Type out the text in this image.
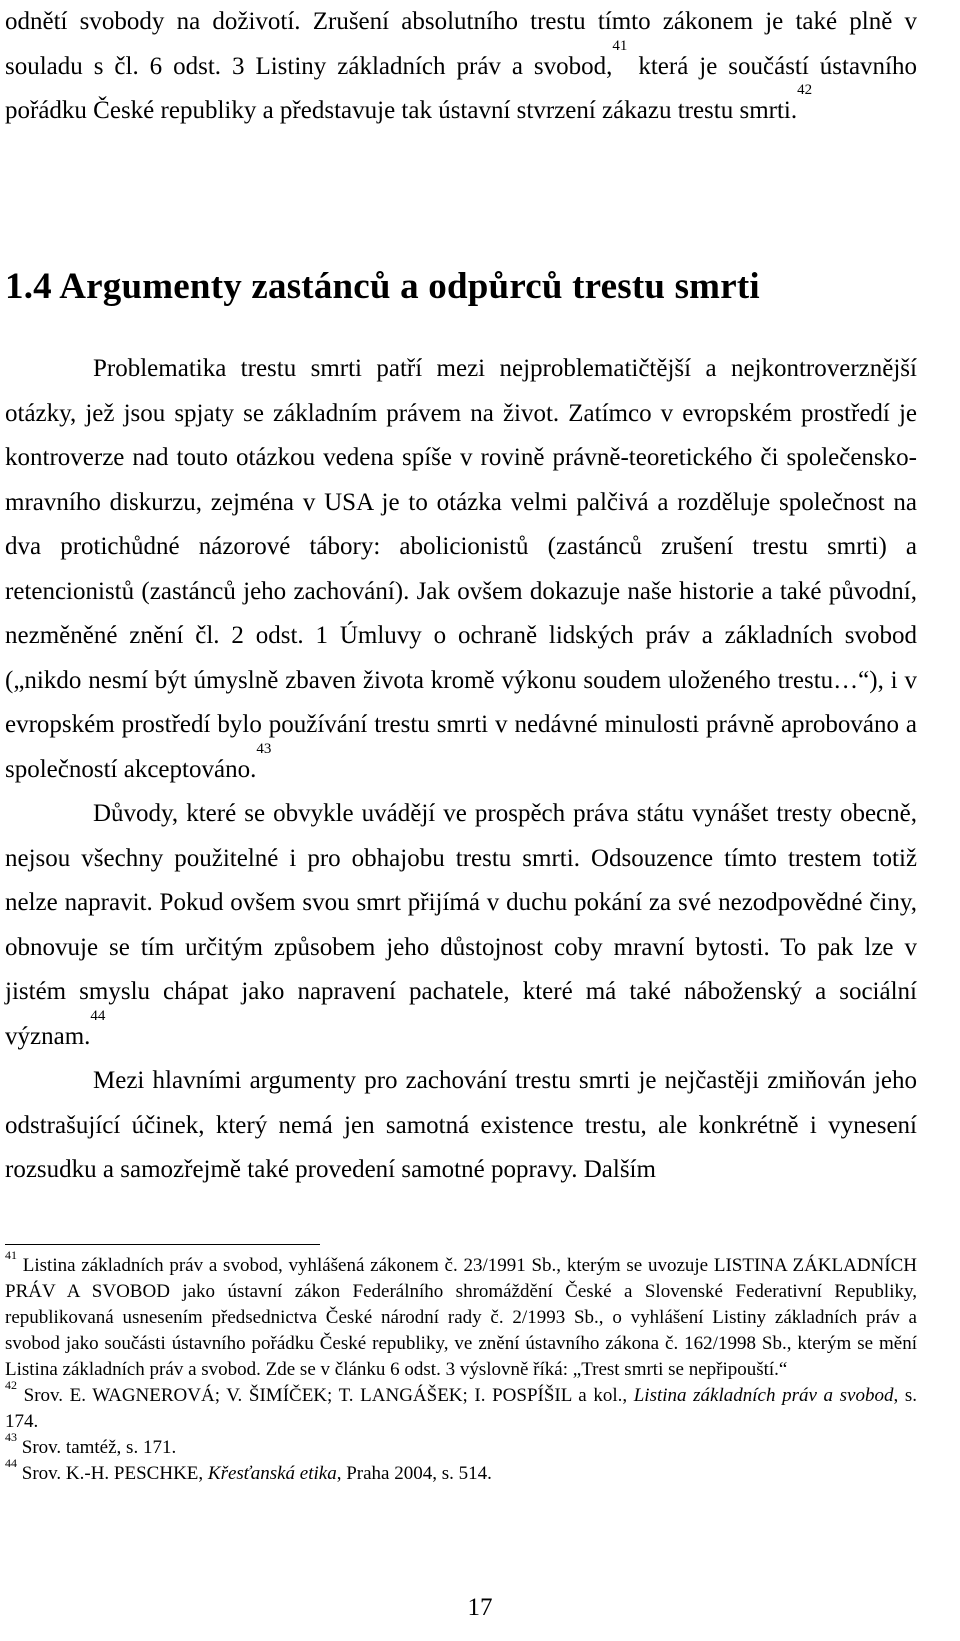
odnětí svobody na doživotí. Zrušení absolutního trestu tímto zákonem je také plně v souladu s čl. 6 odst. 3 Listiny základních práv a svobod,$^{41}$ která je součástí ústavního pořádku České republiky a představuje tak ústavní stvrzení zákazu trestu smrti.$^{42}$

1.4 Argumenty zastánců a odpůrců trestu smrti

Problematika trestu smrti patří mezi nejproblematičtější a nejkontroverznější otázky, jež jsou spjaty se základním právem na život. Zatímco v evropském prostředí je kontroverze nad touto otázkou vedena spíše v rovině právně-teoretického či společensko-mravního diskurzu, zejména v USA je to otázka velmi palčivá a rozděluje společnost na dva protichůdné názorové tábory: abolicionistů (zastánců zrušení trestu smrti) a retencionistů (zastánců jeho zachování). Jak ovšem dokazuje naše historie a také původní, nezměněné znění čl. 2 odst. 1 Úmluvy o ochraně lidských práv a základních svobod („nikdo nesmí být úmyslně zbaven života kromě výkonu soudem uloženého trestu…“), i v evropském prostředí bylo používání trestu smrti v nedávné minulosti právně aprobováno a společností akceptováno.$^{43}$

Důvody, které se obvykle uvádějí ve prospěch práva státu vynášet tresty obecně, nejsou všechny použitelné i pro obhajobu trestu smrti. Odsouzence tímto trestem totiž nelze napravit. Pokud ovšem svou smrt přijímá v duchu pokání za své nezodpovědné činy, obnovuje se tím určitým způsobem jeho důstojnost coby mravní bytosti. To pak lze v jistém smyslu chápat jako napravení pachatele, které má také náboženský a sociální význam.$^{44}$

Mezi hlavními argumenty pro zachování trestu smrti je nejčastěji zmiňován jeho odstrašující účinek, který nemá jen samotná existence trestu, ale konkrétně i vynesení rozsudku a samozřejmě také provedení samotné popravy. Dalším

$^{41}$ Listina základních práv a svobod, vyhlášená zákonem č. 23/1991 Sb., kterým se uvozuje LISTINA ZÁKLADNÍCH PRÁV A SVOBOD jako ústavní zákon Federálního shromáždění České a Slovenské Federativní Republiky, republikovaná usnesením předsednictva České národní rady č. 2/1993 Sb., o vyhlášení Listiny základních práv a svobod jako součásti ústavního pořádku České republiky, ve znění ústavního zákona č. 162/1998 Sb., kterým se mění Listina základních práv a svobod. Zde se v článku 6 odst. 3 výslovně říká: „Trest smrti se nepřipouští.“

$^{42}$ Srov. E. WAGNEROVÁ; V. ŠIMÍČEK; T. LANGÁŠEK; I. POSPÍŠIL a kol., Listina základních práv a svobod, s. 174.

$^{43}$ Srov. tamtéž, s. 171.

$^{44}$ Srov. K.-H. PESCHKE, Křesťanská etika, Praha 2004, s. 514.

17
